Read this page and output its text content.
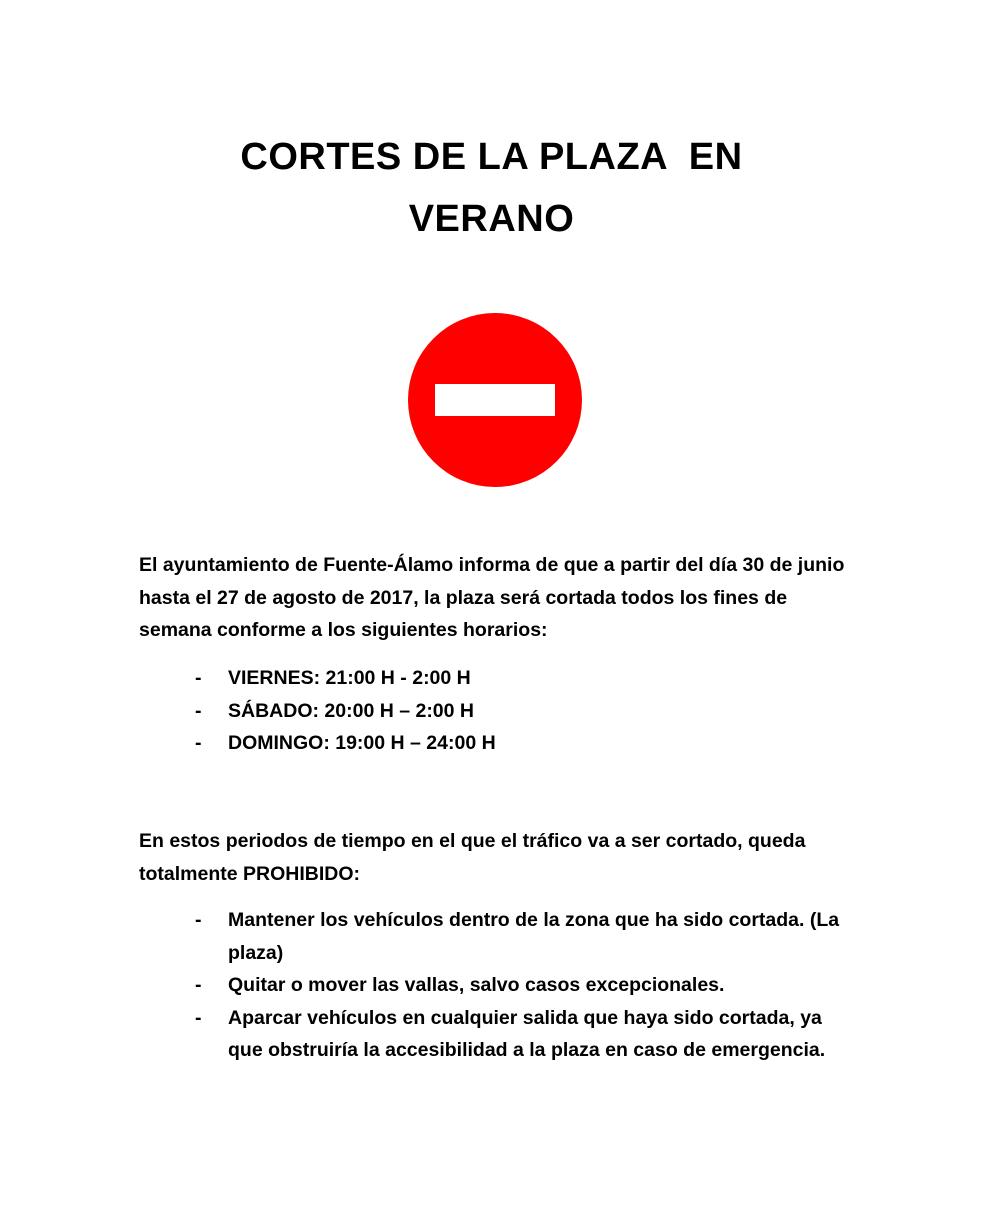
CORTES DE LA PLAZA  EN
VERANO

El ayuntamiento de Fuente-Álamo informa de que a partir del día 30 de junio hasta el 27 de agosto de 2017, la plaza será cortada todos los fines de semana conforme a los siguientes horarios:

- VIERNES: 21:00 H - 2:00 H
- SÁBADO: 20:00 H – 2:00 H
- DOMINGO: 19:00 H – 24:00 H

En estos periodos de tiempo en el que el tráfico va a ser cortado, queda totalmente PROHIBIDO:

- Mantener los vehículos dentro de la zona que ha sido cortada. (La plaza)
- Quitar o mover las vallas, salvo casos excepcionales.
- Aparcar vehículos en cualquier salida que haya sido cortada, ya que obstruiría la accesibilidad a la plaza en caso de emergencia.
